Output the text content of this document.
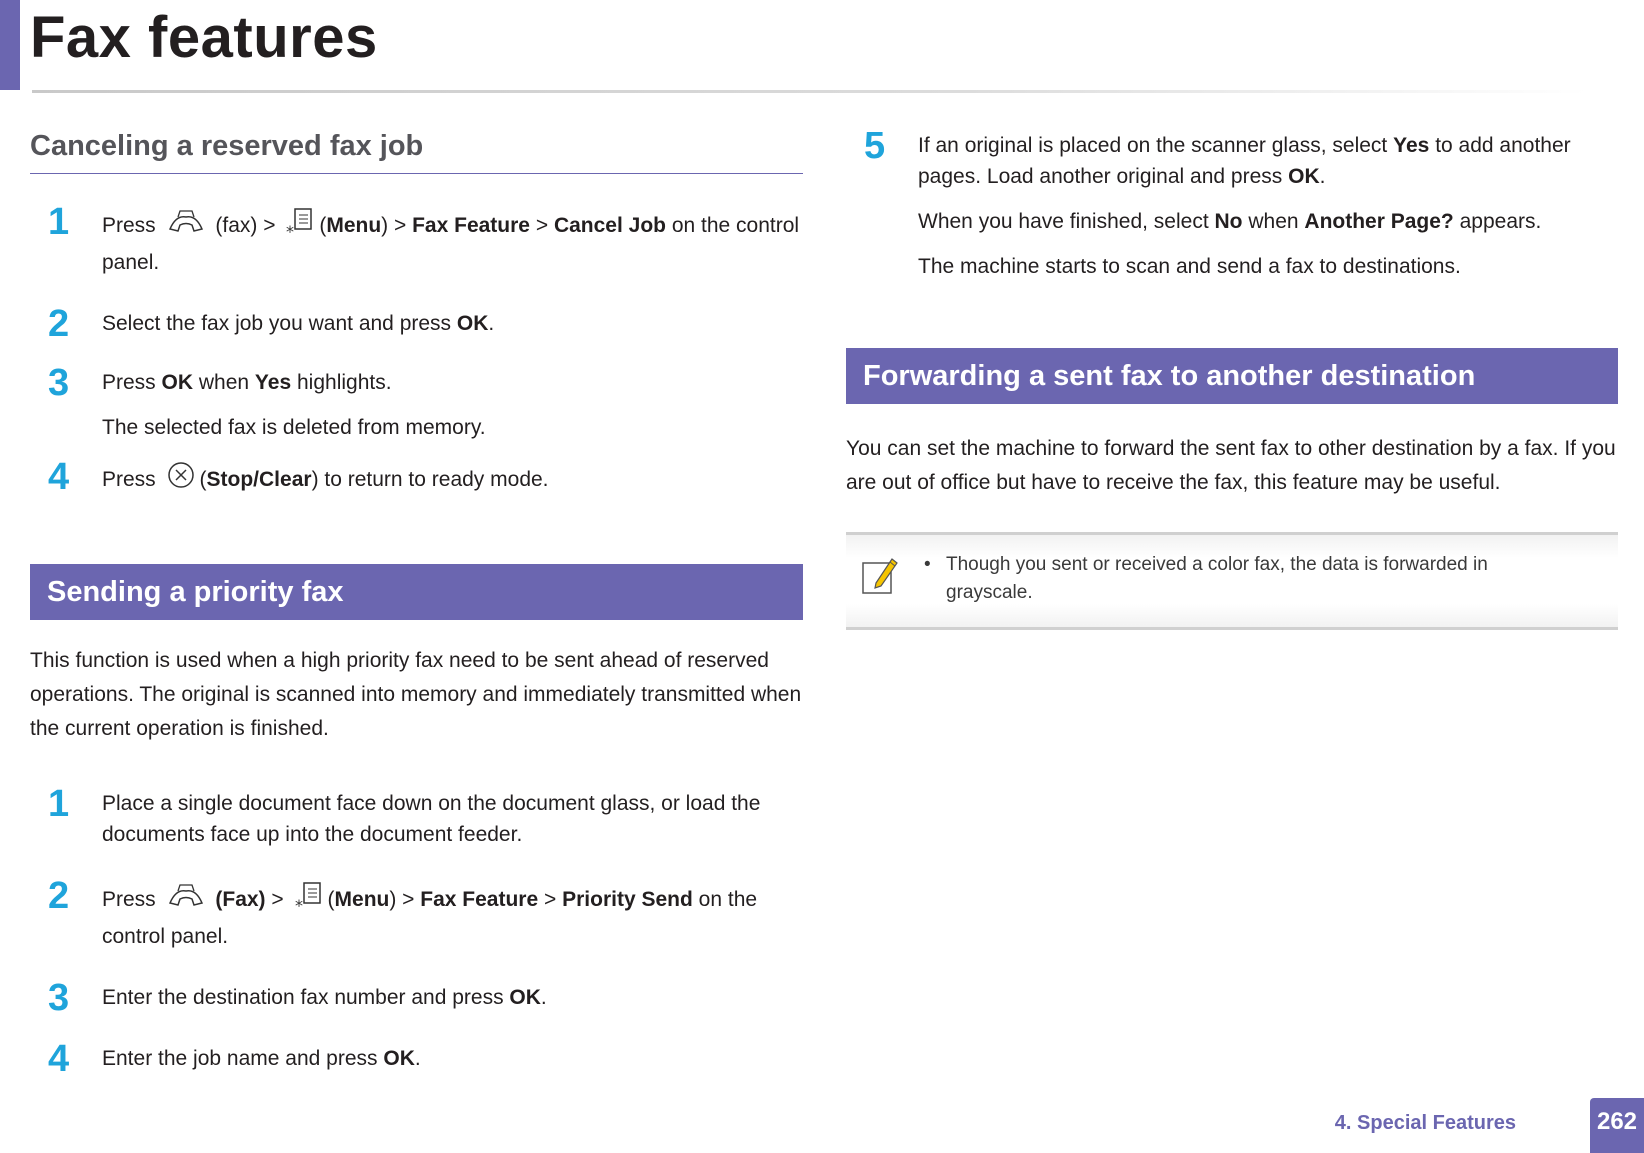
Fax features
Canceling a reserved fax job
1	Press	(fax) > * (Menu) > Fax Feature > Cancel Job on the control panel.

2	Select the fax job you want and press OK.

3	Press OK when Yes highlights.

The selected fax is deleted from memory.

4	Press (Stop/Clear) to return to ready mode.

Sending a priority fax

This function is used when a high priority fax need to be sent ahead of reserved operations. The original is scanned into memory and immediately transmitted when the current operation is finished.

1	Place a single document face down on the document glass, or load the documents face up into the document feeder.

2	Press	(Fax) > * (Menu) > Fax Feature > Priority Send on the control panel.

3	Enter the destination fax number and press OK.

4	Enter the job name and press OK.

5	If an original is placed on the scanner glass, select Yes to add another pages. Load another original and press OK.

When you have finished, select No when Another Page? appears.

The machine starts to scan and send a fax to destinations.

Forwarding a sent fax to another destination

You can set the machine to forward the sent fax to other destination by a fax. If you are out of office but have to receive the fax, this feature may be useful.

• Though you sent or received a color fax, the data is forwarded in grayscale.
4. Special Features	262
